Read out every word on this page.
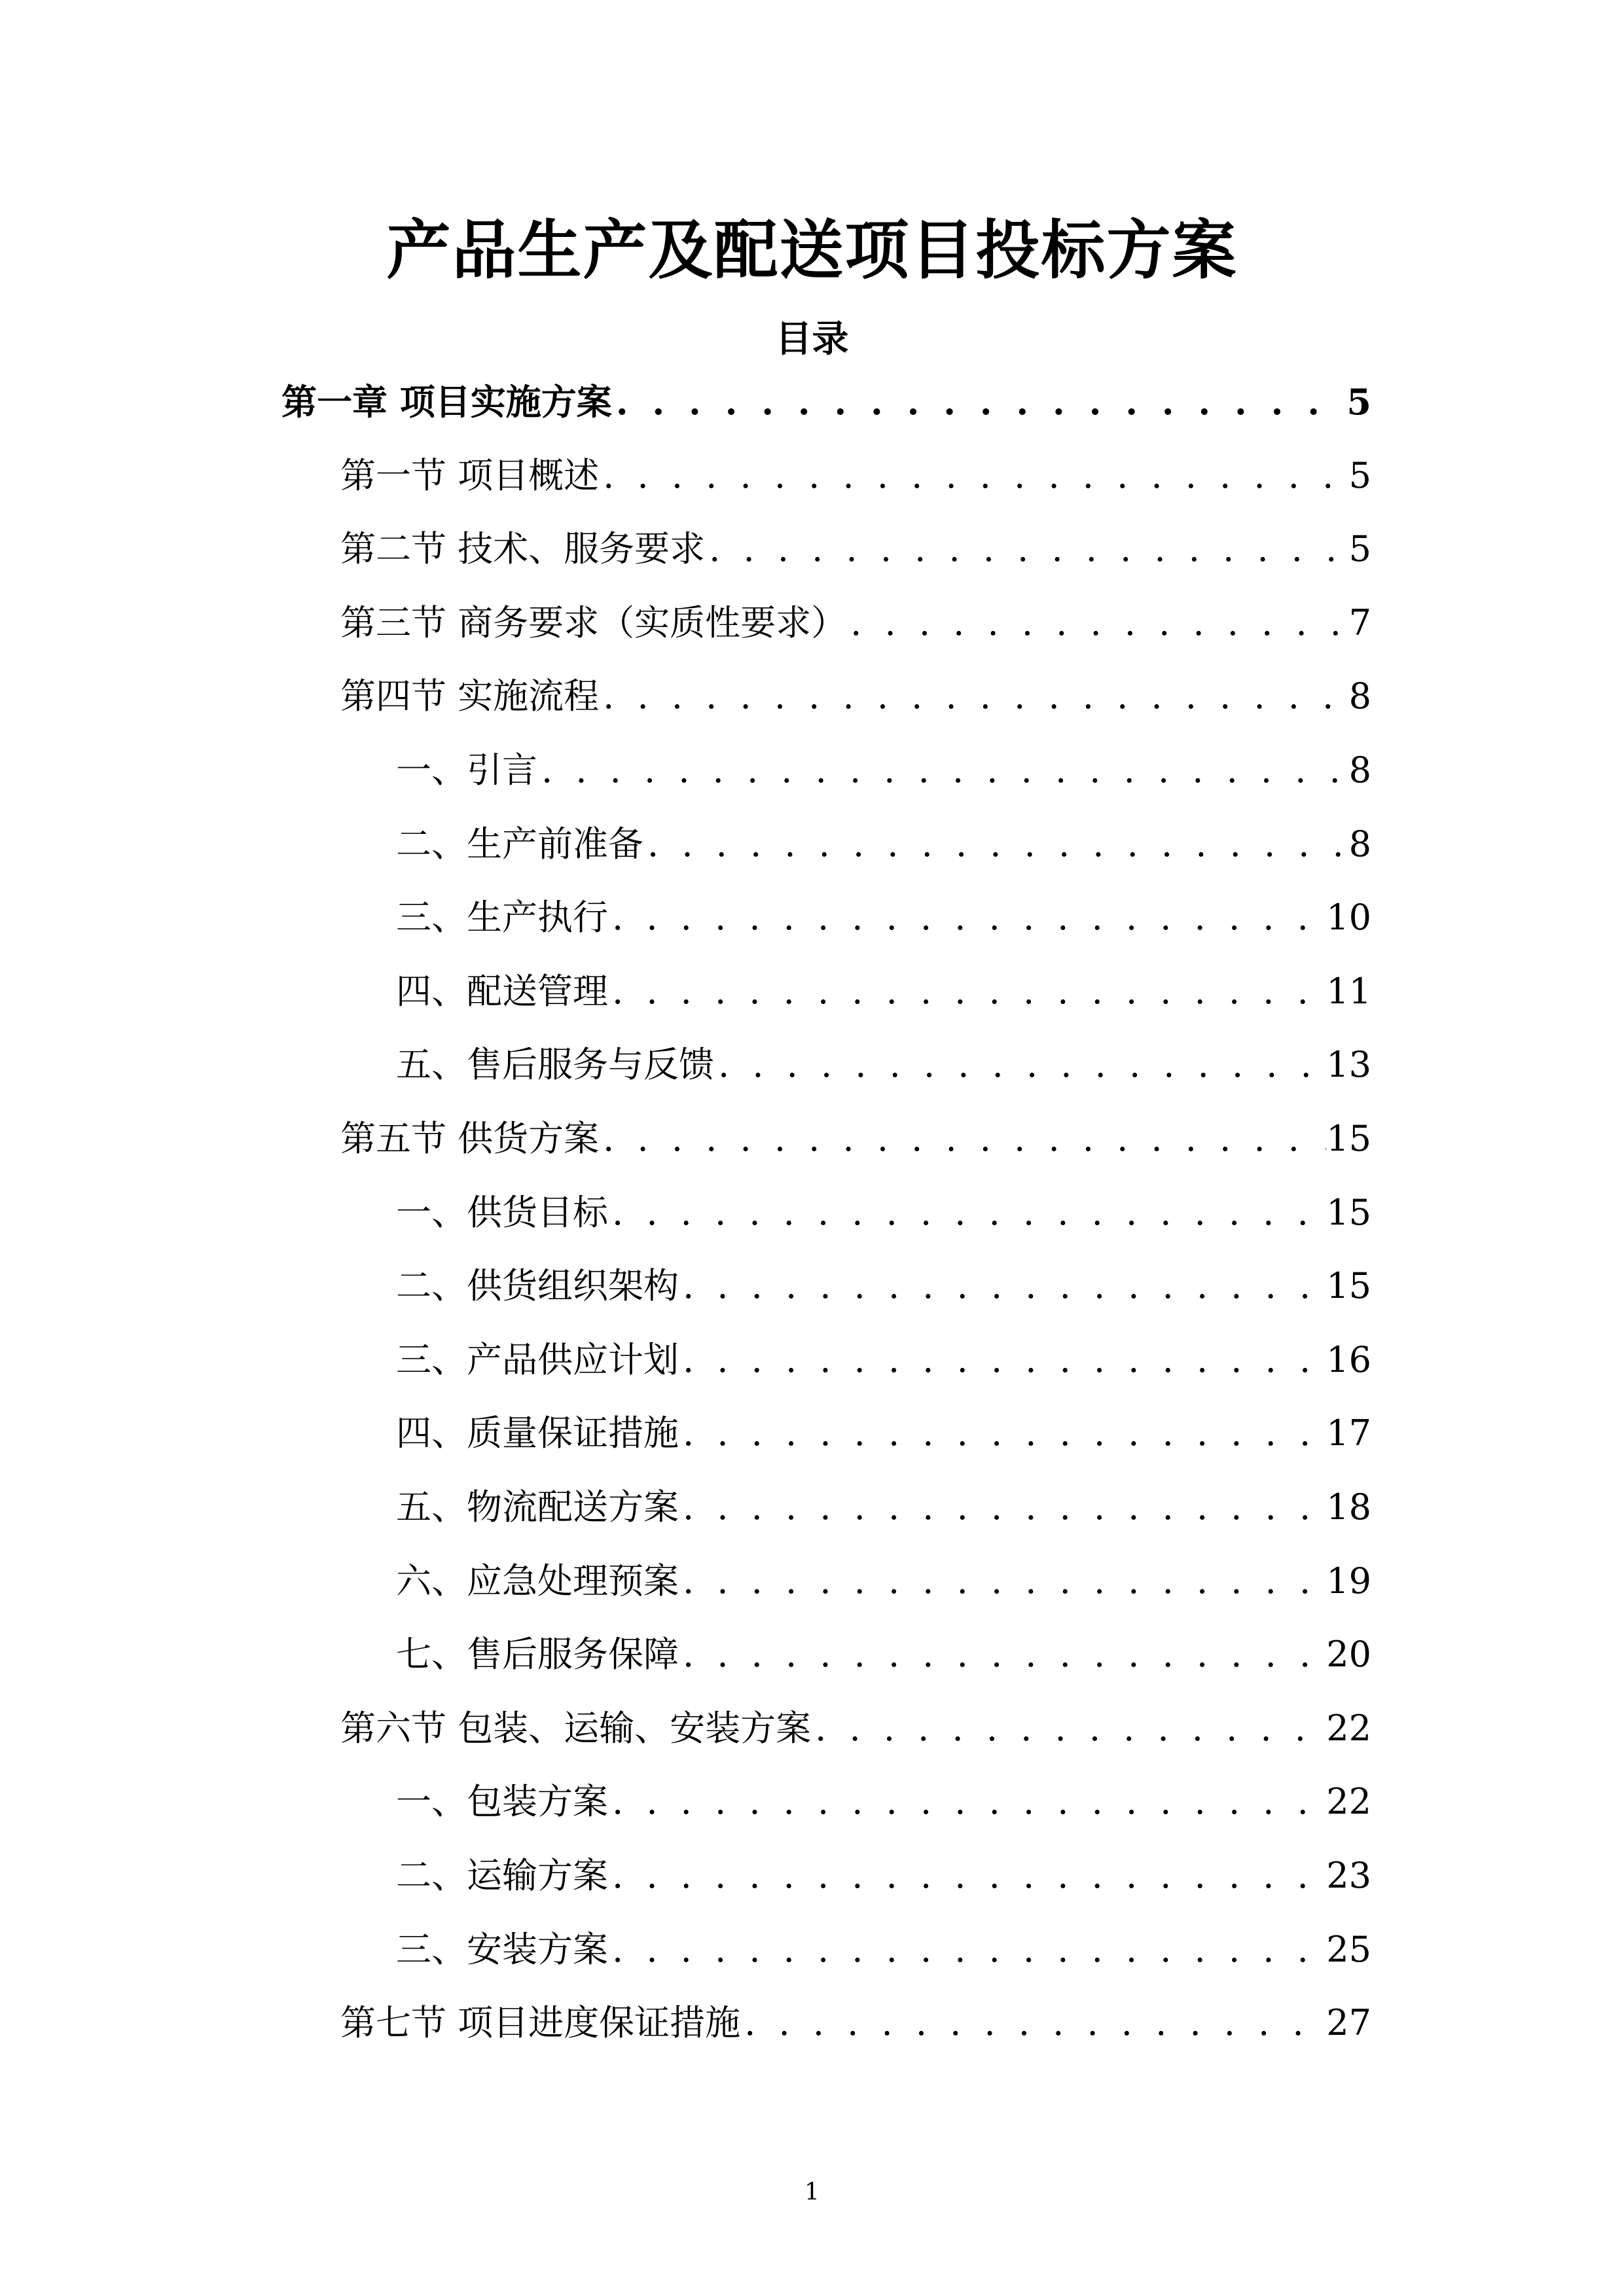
产品生产及配送项目投标方案
目录
第一章 项目实施方案 . . .	5
第一节 项目概述 . . .	5
第二节 技术、服务要求 . . .	5
第三节 商务要求（实质性要求） . . .	7
第四节 实施流程 . . .	8
一、引言 . . .	8
二、生产前准备 . . .	8
三、生产执行 . . .	10
四、配送管理 . . .	11
五、售后服务与反馈 . . .	13
第五节 供货方案 . . .	15
一、供货目标 . . .	15
二、供货组织架构 . . .	15
三、产品供应计划 . . .	16
四、质量保证措施 . . .	17
五、物流配送方案 . . .	18
六、应急处理预案 . . .	19
七、售后服务保障 . . .	20
第六节 包装、运输、安装方案 . . .	22
一、包装方案 . . .	22
二、运输方案 . . .	23
三、安装方案 . . .	25
第七节 项目进度保证措施 . . .	27
1
